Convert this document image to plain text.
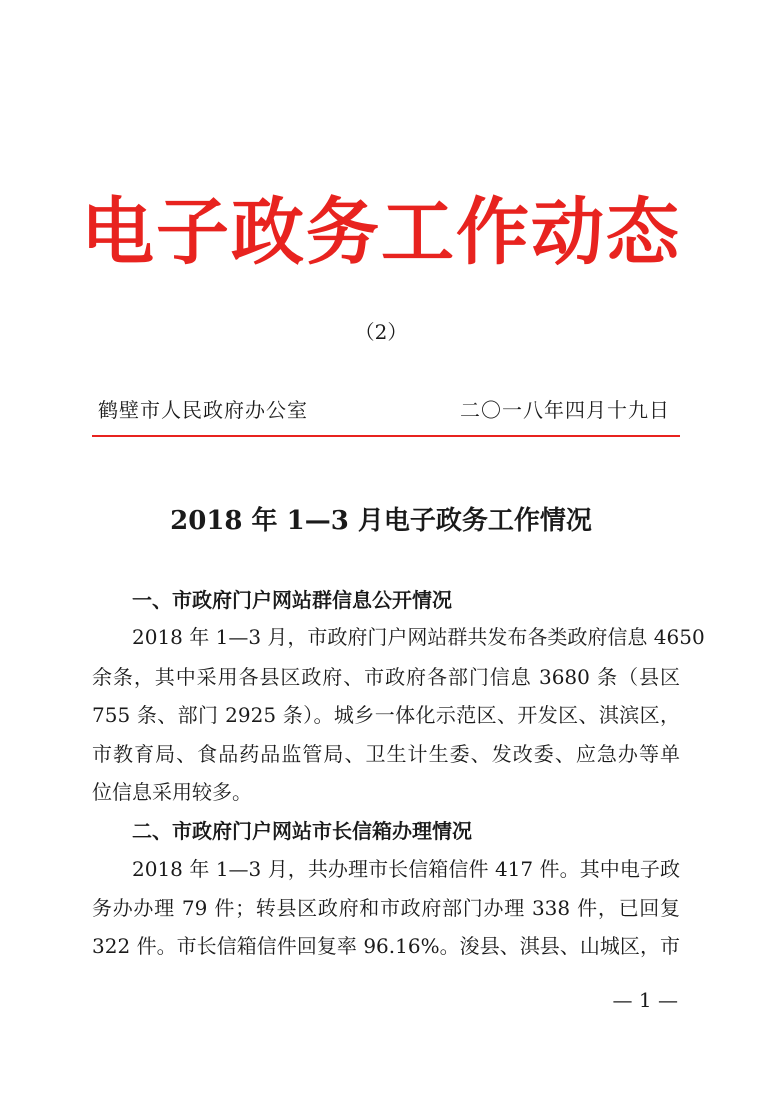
电子政务工作动态
（2）
鹤壁市人民政府办公室	二〇一八年四月十九日
2018 年 1—3 月电子政务工作情况
一、市政府门户网站群信息公开情况
2018 年 1—3 月，市政府门户网站群共发布各类政府信息 4650
余条，其中采用各县区政府、市政府各部门信息 3680 条（县区
755 条、部门 2925 条）。城乡一体化示范区、开发区、淇滨区，
市教育局、食品药品监管局、卫生计生委、发改委、应急办等单
位信息采用较多。
二、市政府门户网站市长信箱办理情况
2018 年 1—3 月，共办理市长信箱信件 417 件。其中电子政
务办办理 79 件；转县区政府和市政府部门办理 338 件，已回复
322 件。市长信箱信件回复率 96.16%。浚县、淇县、山城区，市
— 1 —
